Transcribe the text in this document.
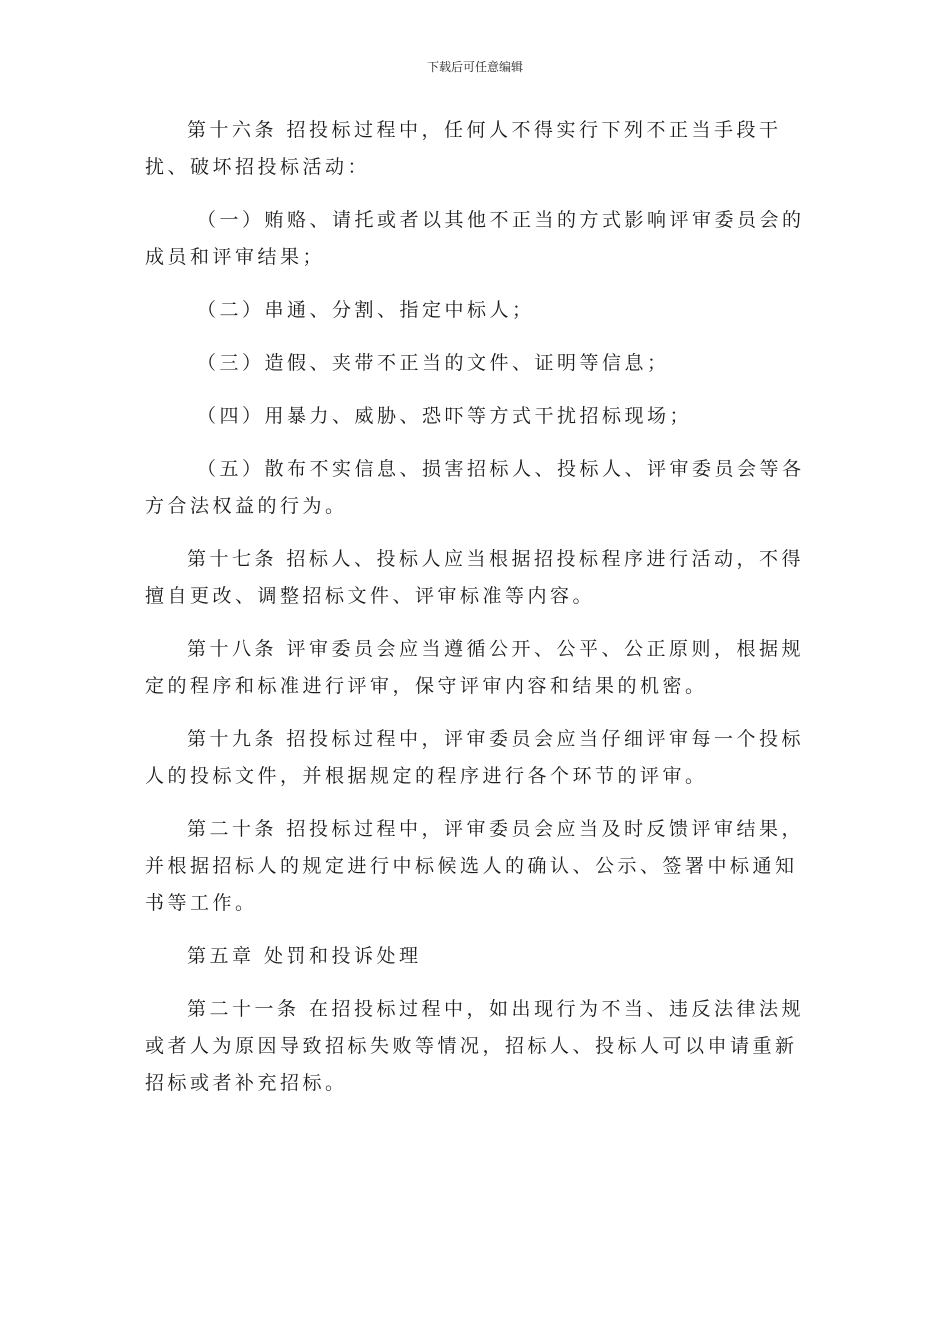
下载后可任意编辑

第十六条 招投标过程中，任何人不得实行下列不正当手段干扰、破坏招投标活动：

（一）贿赂、请托或者以其他不正当的方式影响评审委员会的成员和评审结果；

（二）串通、分割、指定中标人；

（三）造假、夹带不正当的文件、证明等信息；

（四）用暴力、威胁、恐吓等方式干扰招标现场；

（五）散布不实信息、损害招标人、投标人、评审委员会等各方合法权益的行为。

第十七条 招标人、投标人应当根据招投标程序进行活动，不得擅自更改、调整招标文件、评审标准等内容。

第十八条 评审委员会应当遵循公开、公平、公正原则，根据规定的程序和标准进行评审，保守评审内容和结果的机密。

第十九条 招投标过程中，评审委员会应当仔细评审每一个投标人的投标文件，并根据规定的程序进行各个环节的评审。

第二十条 招投标过程中，评审委员会应当及时反馈评审结果，并根据招标人的规定进行中标候选人的确认、公示、签署中标通知书等工作。

第五章 处罚和投诉处理

第二十一条 在招投标过程中，如出现行为不当、违反法律法规或者人为原因导致招标失败等情况，招标人、投标人可以申请重新招标或者补充招标。
